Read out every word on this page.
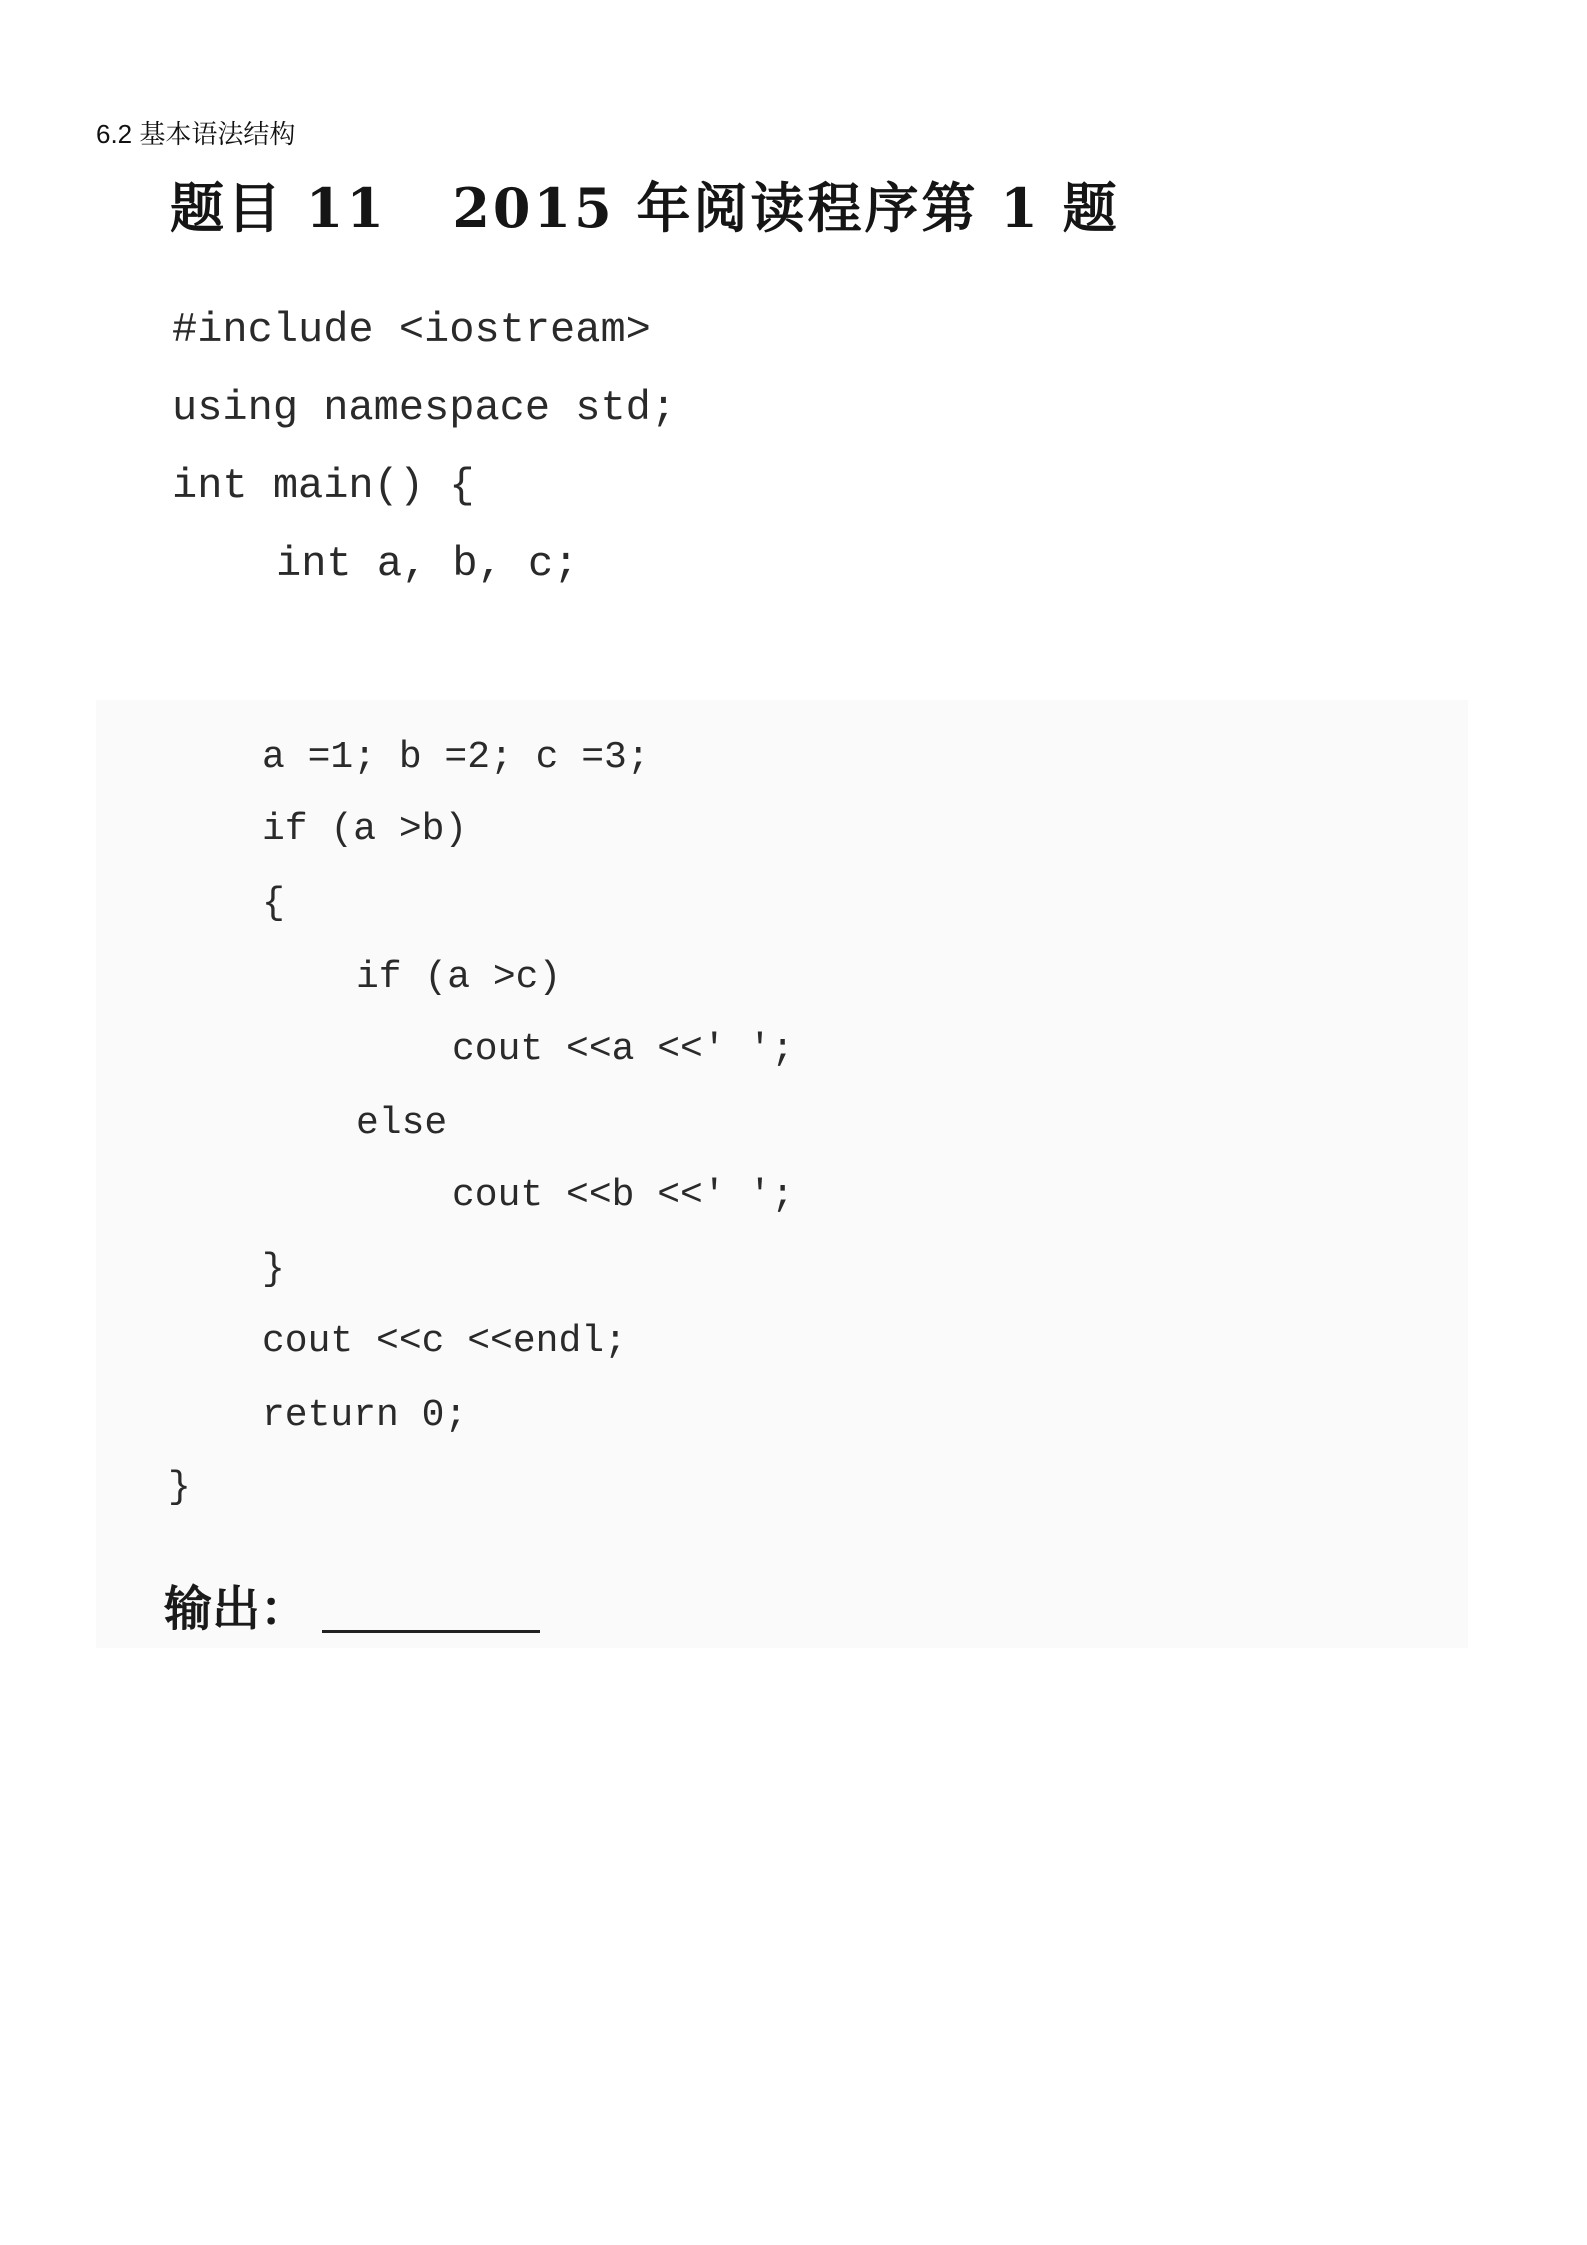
6.2 基本语法结构
题目 11   2015 年阅读程序第 1 题
#include <iostream>
using namespace std;
int main() {
int a, b, c;
a =1; b =2; c =3;
if (a >b)
{
if (a >c)
cout <<a <<' ';
else
cout <<b <<' ';
}
cout <<c <<endl;
return 0;
}
输出：
